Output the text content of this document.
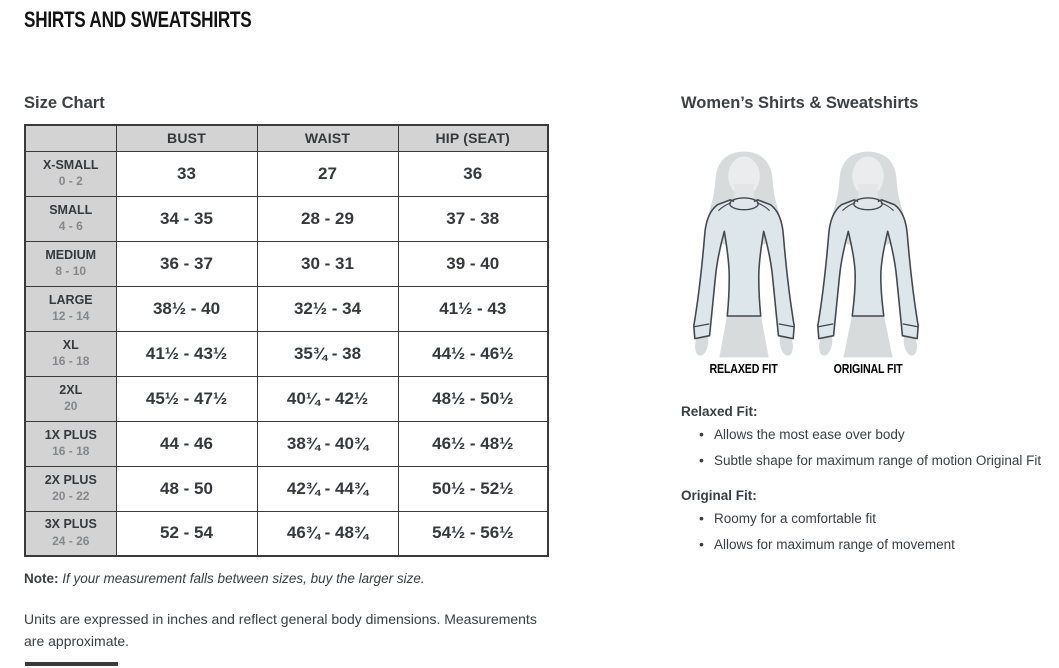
SHIRTS AND SWEATSHIRTS
Size Chart
	BUST	WAIST	HIP (SEAT)

X-SMALL
0 - 2	33	27	36

SMALL
4 - 6	34 - 35	28 - 29	37 - 38

MEDIUM
8 - 10	36 - 37	30 - 31	39 - 40

LARGE
12 - 14	38½ - 40	32½ - 34	41½ - 43

XL
16 - 18	41½ - 43½	35¾ - 38	44½ - 46½

2XL
20	45½ - 47½	40¼ - 42½	48½ - 50½

1X PLUS
16 - 18	44 - 46	38¾ - 40¾	46½ - 48½

2X PLUS
20 - 22	48 - 50	42¾ - 44¾	50½ - 52½

3X PLUS
24 - 26	52 - 54	46¾ - 48¾	54½ - 56½
Note: If your measurement falls between sizes, buy the larger size.
Units are expressed in inches and reflect general body dimensions. Measurements are approximate.
Women’s Shirts & Sweatshirts
RELAXED FIT	ORIGINAL FIT
Relaxed Fit:
• Allows the most ease over body
• Subtle shape for maximum range of motion Original Fit
Original Fit:
• Roomy for a comfortable fit
• Allows for maximum range of movement
